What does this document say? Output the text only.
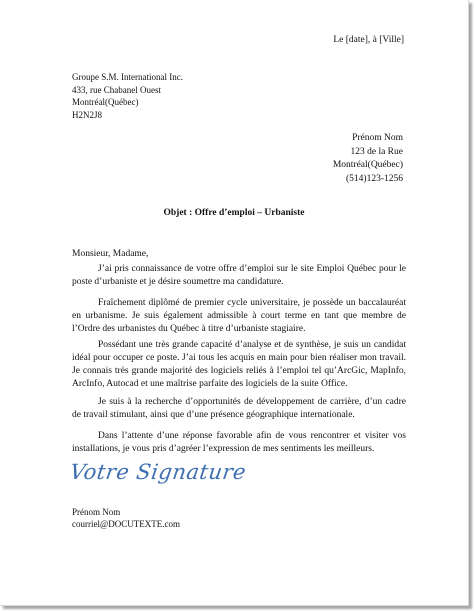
Le [date], à [Ville]
Groupe S.M. International Inc.
433, rue Chabanel Ouest
Montréal(Québec)
H2N2J8
Prénom Nom
123 de la Rue
Montréal(Québec)
(514)123-1256
Objet : Offre d’emploi – Urbaniste
Monsieur, Madame,
J’ai pris connaissance de votre offre d’emploi sur le site Emploi Québec pour le poste d’urbaniste et je désire soumettre ma candidature.
Fraîchement diplômé de premier cycle universitaire, je possède un baccalauréat en urbanisme. Je suis également admissible à court terme en tant que membre de l’Ordre des urbanistes du Québec à titre d’urbaniste stagiaire.
Possédant une très grande capacité d’analyse et de synthèse, je suis un candidat idéal pour occuper ce poste. J’ai tous les acquis en main pour bien réaliser mon travail. Je connais très grande majorité des logiciels reliés à l’emploi tel qu’ArcGic, MapInfo, ArcInfo, Autocad et une maîtrise parfaite des logiciels de la suite Office.
Je suis à la recherche d’opportunités de développement de carrière, d’un cadre de travail stimulant, ainsi que d’une présence géographique internationale.
Dans l’attente d’une réponse favorable afin de vous rencontrer et visiter vos installations, je vous pris d’agréer l’expression de mes sentiments les meilleurs.
Votre Signature
Prénom Nom
courriel@DOCUTEXTE.com
